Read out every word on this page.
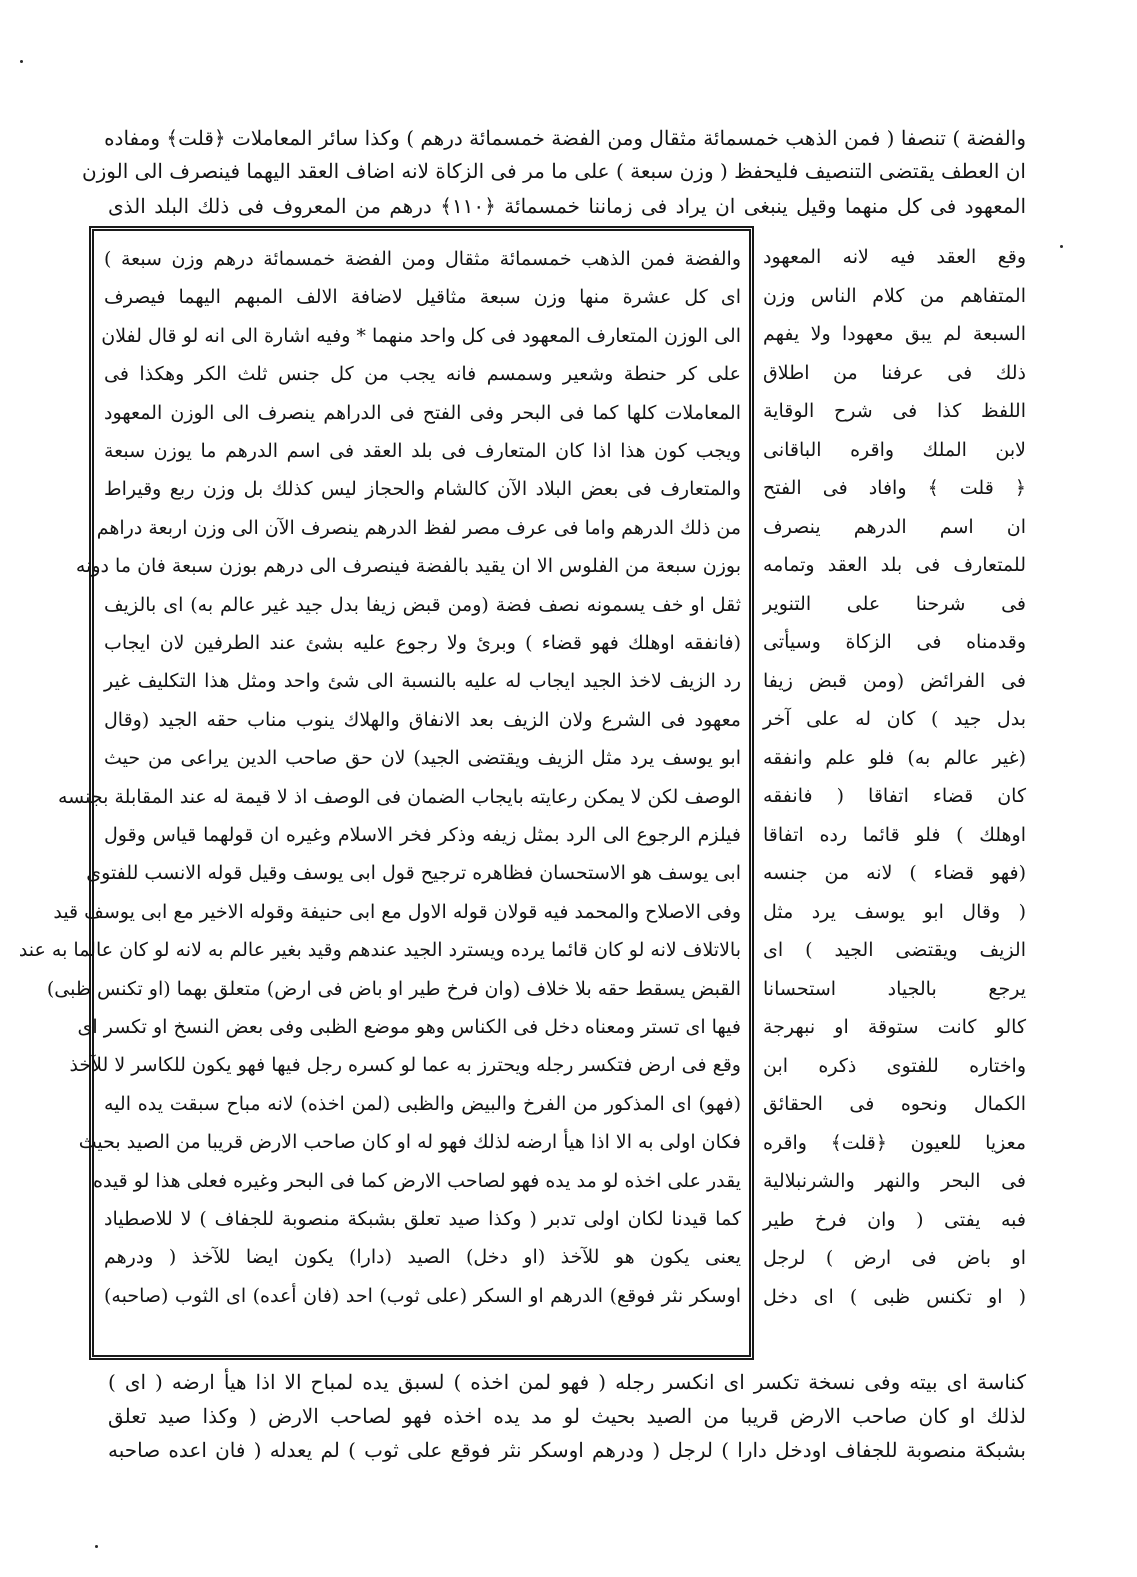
والفضة ) تنصفا ( فمن الذهب خمسمائة مثقال ومن الفضة خمسمائة درهم ) وكذا سائر المعاملات ﴿قلت﴾ ومفاده
ان العطف يقتضى التنصيف فليحفظ ( وزن سبعة ) على ما مر فى الزكاة لانه اضاف العقد اليهما فينصرف الى الوزن
المعهود فى كل منهما وقيل ينبغى ان يراد فى زماننا خمسمائة ﴿١١٠﴾ درهم من المعروف فى ذلك البلد الذى
والفضة فمن الذهب خمسمائة مثقال ومن الفضة خمسمائة درهم وزن سبعة )
اى كل عشرة منها وزن سبعة مثاقيل لاضافة الالف المبهم اليهما فيصرف
الى الوزن المتعارف المعهود فى كل واحد منهما * وفيه اشارة الى انه لو قال لفلان
على كر حنطة وشعير وسمسم فانه يجب من كل جنس ثلث الكر وهكذا فى
المعاملات كلها كما فى البحر وفى الفتح فى الدراهم ينصرف الى الوزن المعهود
ويجب كون هذا اذا كان المتعارف فى بلد العقد فى اسم الدرهم ما يوزن سبعة
والمتعارف فى بعض البلاد الآن كالشام والحجاز ليس كذلك بل وزن ربع وقيراط
من ذلك الدرهم واما فى عرف مصر لفظ الدرهم ينصرف الآن الى وزن اربعة دراهم
بوزن سبعة من الفلوس الا ان يقيد بالفضة فينصرف الى درهم بوزن سبعة فان ما دونه
ثقل او خف يسمونه نصف فضة (ومن قبض زيفا بدل جيد غير عالم به) اى بالزيف
(فانفقه اوهلك فهو قضاء ) وبرئ ولا رجوع عليه بشئ عند الطرفين لان ايجاب
رد الزيف لاخذ الجيد ايجاب له عليه بالنسبة الى شئ واحد ومثل هذا التكليف غير
معهود فى الشرع ولان الزيف بعد الانفاق والهلاك ينوب مناب حقه الجيد (وقال
ابو يوسف يرد مثل الزيف ويقتضى الجيد) لان حق صاحب الدين يراعى من حيث
الوصف لكن لا يمكن رعايته بايجاب الضمان فى الوصف اذ لا قيمة له عند المقابلة بجنسه
فيلزم الرجوع الى الرد بمثل زيفه وذكر فخر الاسلام وغيره ان قولهما قياس وقول
ابى يوسف هو الاستحسان فظاهره ترجيح قول ابى يوسف وقيل قوله الانسب للفتوى
وفى الاصلاح والمحمد فيه قولان قوله الاول مع ابى حنيفة وقوله الاخير مع ابى يوسف قيد
بالاتلاف لانه لو كان قائما يرده ويسترد الجيد عندهم وقيد بغير عالم به لانه لو كان عالما به عند
القبض يسقط حقه بلا خلاف (وان فرخ طير او باض فى ارض) متعلق بهما (او تكنس ظبى)
فيها اى تستر ومعناه دخل فى الكناس وهو موضع الظبى وفى بعض النسخ او تكسر اى
وقع فى ارض فتكسر رجله ويحترز به عما لو كسره رجل فيها فهو يكون للكاسر لا للآخذ
(فهو) اى المذكور من الفرخ والبيض والظبى (لمن اخذه) لانه مباح سبقت يده اليه
فكان اولى به الا اذا هيأ ارضه لذلك فهو له او كان صاحب الارض قريبا من الصيد بحيث
يقدر على اخذه لو مد يده فهو لصاحب الارض كما فى البحر وغيره فعلى هذا لو قيده
كما قيدنا لكان اولى تدبر ( وكذا صيد تعلق بشبكة منصوبة للجفاف ) لا للاصطياد
يعنى يكون هو للآخذ (او دخل) الصيد (دارا) يكون ايضا للآخذ ( ودرهم
اوسكر نثر فوقع) الدرهم او السكر (على ثوب) احد (فان أعده) اى الثوب (صاحبه)
وقع العقد فيه لانه المعهود
المتفاهم من كلام الناس وزن
السبعة لم يبق معهودا ولا يفهم
ذلك فى عرفنا من اطلاق
اللفظ كذا فى شرح الوقاية
لابن الملك واقره الباقانى
﴿ قلت ﴾ وافاد فى الفتح
ان اسم الدرهم ينصرف
للمتعارف فى بلد العقد وتمامه
فى شرحنا على التنوير
وقدمناه فى الزكاة وسيأتى
فى الفرائض (ومن قبض زيفا
بدل جيد ) كان له على آخر
(غير عالم به) فلو علم وانفقه
كان قضاء اتفاقا ( فانفقه
اوهلك ) فلو قائما رده اتفاقا
(فهو قضاء ) لانه من جنسه
( وقال ابو يوسف يرد مثل
الزيف ويقتضى الجيد ) اى
يرجع بالجياد استحسانا
كالو كانت ستوقة او نبهرجة
واختاره للفتوى ذكره ابن
الكمال ونحوه فى الحقائق
معزيا للعيون ﴿قلت﴾ واقره
فى البحر والنهر والشرنبلالية
فبه يفتى ( وان فرخ طير
او باض فى ارض ) لرجل
( او تكنس ظبى ) اى دخل
كناسة اى بيته وفى نسخة تكسر اى انكسر رجله ( فهو لمن اخذه ) لسبق يده لمباح الا اذا هيأ ارضه ( اى )
لذلك او كان صاحب الارض قريبا من الصيد بحيث لو مد يده اخذه فهو لصاحب الارض ( وكذا صيد تعلق
بشبكة منصوبة للجفاف اودخل دارا ) لرجل ( ودرهم اوسكر نثر فوقع على ثوب ) لم يعدله ( فان اعده صاحبه
